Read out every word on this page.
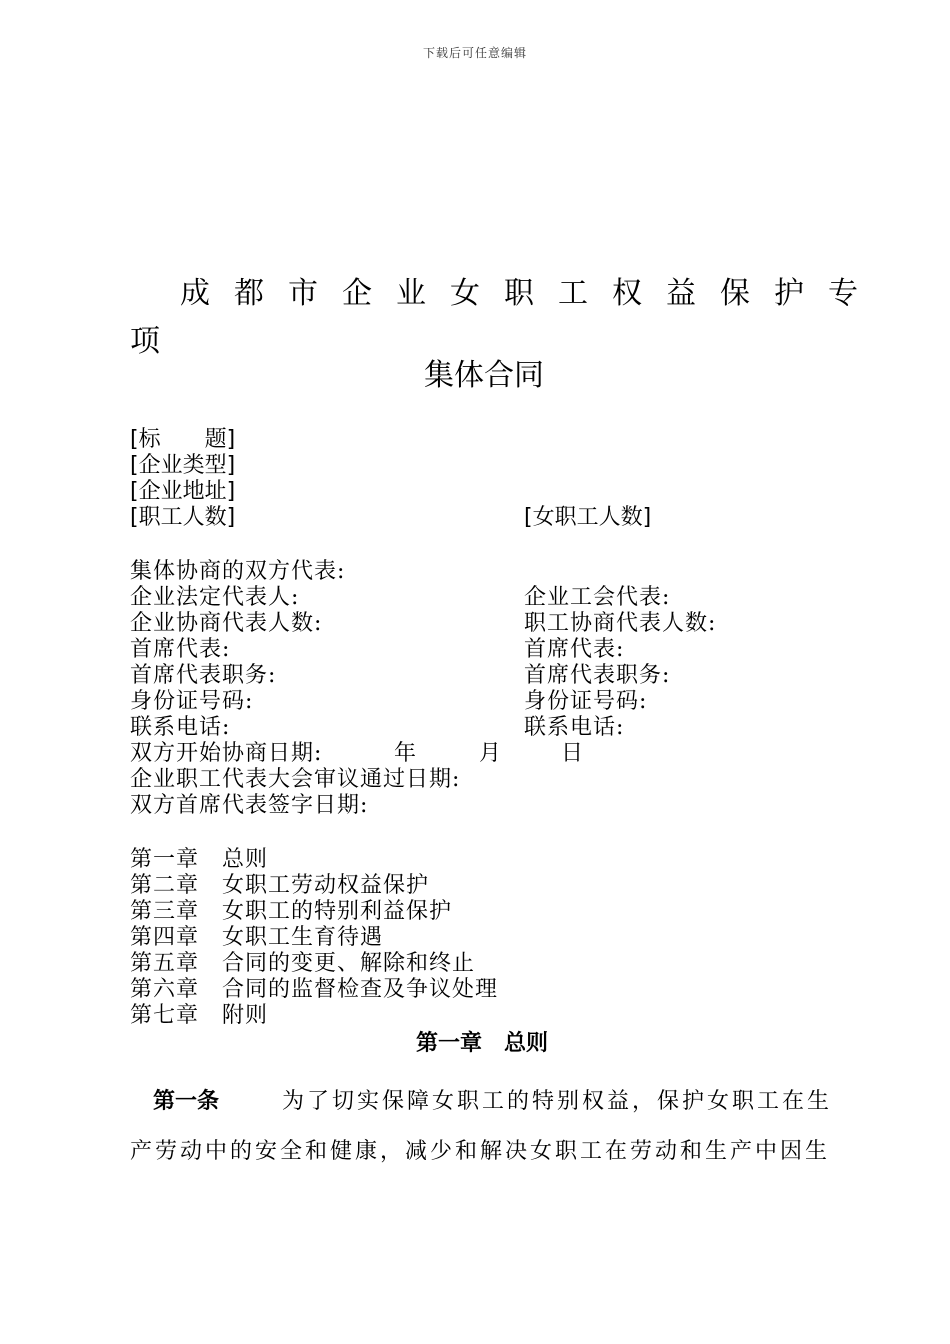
下载后可任意编辑
成都市企业女职工权益保护专
项
集体合同
[标　　题]
[企业类型]
[企业地址]
[职工人数]	[女职工人数]
集体协商的双方代表:
企业法定代表人:	企业工会代表:
企业协商代表人数:	职工协商代表人数:
首席代表:	首席代表:
首席代表职务:	首席代表职务:
身份证号码:	身份证号码:
联系电话:	联系电话:
双方开始协商日期:	年	月	日
企业职工代表大会审议通过日期:
双方首席代表签字日期:
第一章　总则
第二章　女职工劳动权益保护
第三章　女职工的特别利益保护
第四章　女职工生育待遇
第五章　合同的变更、解除和终止
第六章　合同的监督检查及争议处理
第七章　附则
第一章　总则
第一条	为了切实保障女职工的特别权益，保护女职工在生
产劳动中的安全和健康，减少和解决女职工在劳动和生产中因生
